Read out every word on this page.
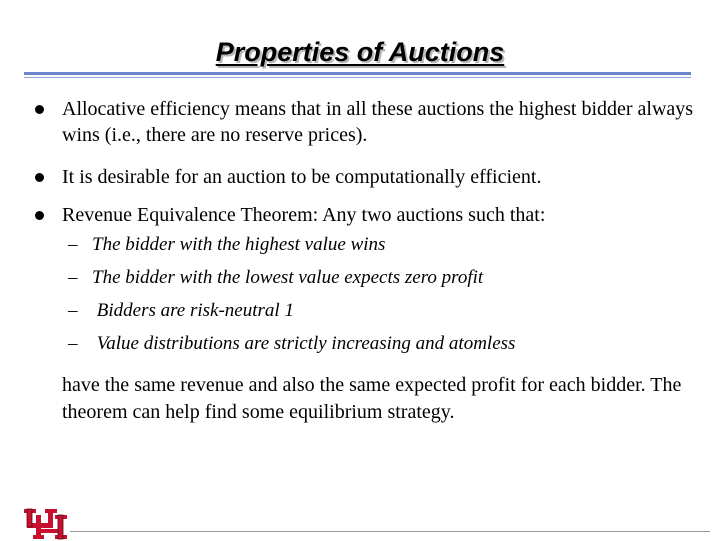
Properties of Auctions
Allocative efficiency means that in all these auctions the highest bidder always wins (i.e., there are no reserve prices).
It is desirable for an auction to be computationally efficient.
Revenue Equivalence Theorem: Any two auctions such that:
– The bidder with the highest value wins
– The bidder with the lowest value expects zero profit
– Bidders are risk-neutral 1
– Value distributions are strictly increasing and atomless
have the same revenue and also the same expected profit for each bidder. The theorem can help find some equilibrium strategy.
